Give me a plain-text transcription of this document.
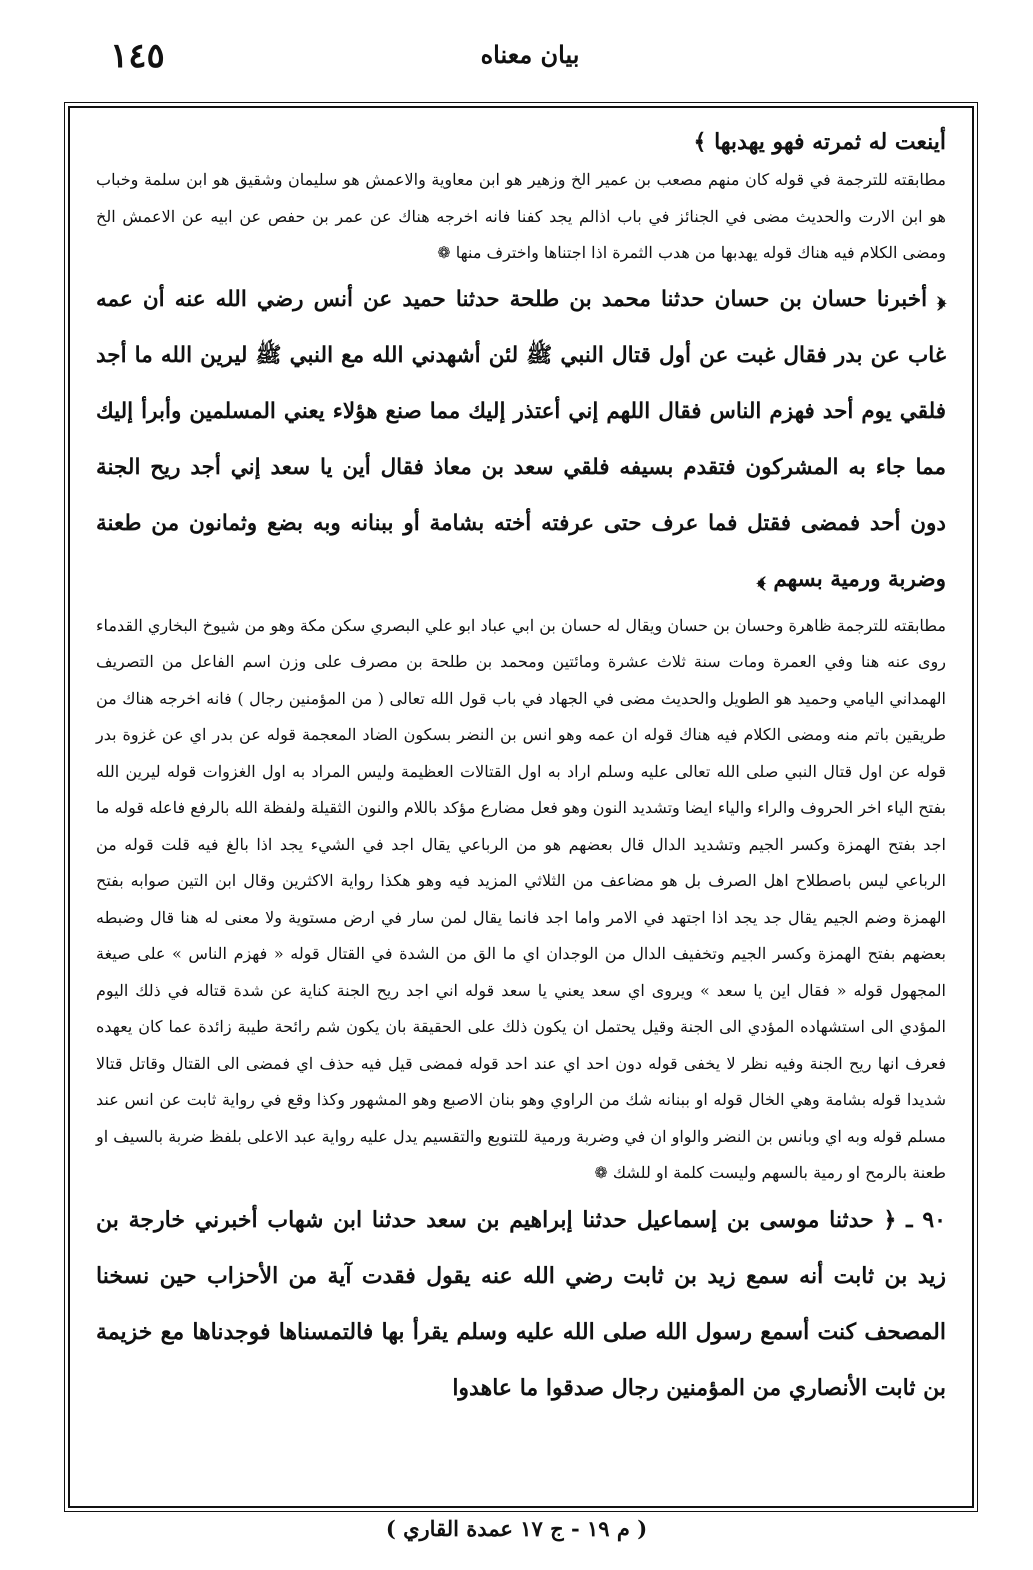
١٤٥	بيان معناه

أينعت له ثمرته فهو يهدبها ﴾

مطابقته للترجمة في قوله كان منهم مصعب بن عمير الخ وزهير هو ابن معاوية والاعمش هو سليمان وشقيق هو ابن سلمة وخباب هو ابن الارت والحديث مضى في الجنائز في باب اذالم يجد كفنا فانه اخرجه هناك عن عمر بن حفص عن ابيه عن الاعمش الخ ومضى الكلام فيه هناك قوله يهدبها من هدب الثمرة اذا اجتناها واخترف منها ❁

﴿ أخبرنا حسان بن حسان حدثنا محمد بن طلحة حدثنا حميد عن أنس رضي الله عنه أن عمه غاب عن بدر فقال غبت عن أول قتال النبي ﷺ لئن أشهدني الله مع النبي ﷺ ليرين الله ما أجد فلقي يوم أحد فهزم الناس فقال اللهم إني أعتذر إليك مما صنع هؤلاء يعني المسلمين وأبرأ إليك مما جاء به المشركون فتقدم بسيفه فلقي سعد بن معاذ فقال أين يا سعد إني أجد ريح الجنة دون أحد فمضى فقتل فما عرف حتى عرفته أخته بشامة أو ببنانه وبه بضع وثمانون من طعنة وضربة ورمية بسهم ﴾

مطابقته للترجمة ظاهرة وحسان بن حسان ويقال له حسان بن ابي عباد ابو علي البصري سكن مكة وهو من شيوخ البخاري القدماء روى عنه هنا وفي العمرة ومات سنة ثلاث عشرة ومائتين ومحمد بن طلحة بن مصرف على وزن اسم الفاعل من التصريف الهمداني اليامي وحميد هو الطويل والحديث مضى في الجهاد في باب قول الله تعالى ( من المؤمنين رجال ) فانه اخرجه هناك من طريقين باتم منه ومضى الكلام فيه هناك قوله ان عمه وهو انس بن النضر بسكون الضاد المعجمة قوله عن بدر اي عن غزوة بدر قوله عن اول قتال النبي صلى الله تعالى عليه وسلم اراد به اول القتالات العظيمة وليس المراد به اول الغزوات قوله ليرين الله بفتح الياء اخر الحروف والراء والياء ايضا وتشديد النون وهو فعل مضارع مؤكد باللام والنون الثقيلة ولفظة الله بالرفع فاعله قوله ما اجد بفتح الهمزة وكسر الجيم وتشديد الدال قال بعضهم هو من الرباعي يقال اجد في الشيء يجد اذا بالغ فيه قلت قوله من الرباعي ليس باصطلاح اهل الصرف بل هو مضاعف من الثلاثي المزيد فيه وهو هكذا رواية الاكثرين وقال ابن التين صوابه بفتح الهمزة وضم الجيم يقال جد يجد اذا اجتهد في الامر واما اجد فانما يقال لمن سار في ارض مستوية ولا معنى له هنا قال وضبطه بعضهم بفتح الهمزة وكسر الجيم وتخفيف الدال من الوجدان اي ما الق من الشدة في القتال قوله « فهزم الناس » على صيغة المجهول قوله « فقال اين يا سعد » ويروى اي سعد يعني يا سعد قوله اني اجد ريح الجنة كناية عن شدة قتاله في ذلك اليوم المؤدي الى استشهاده المؤدي الى الجنة وقيل يحتمل ان يكون ذلك على الحقيقة بان يكون شم رائحة طيبة زائدة عما كان يعهده فعرف انها ريح الجنة وفيه نظر لا يخفى قوله دون احد اي عند احد قوله فمضى قيل فيه حذف اي فمضى الى القتال وقاتل قتالا شديدا قوله بشامة وهي الخال قوله او ببنانه شك من الراوي وهو بنان الاصبع وهو المشهور وكذا وقع في رواية ثابت عن انس عند مسلم قوله وبه اي وبانس بن النضر والواو ان في وضربة ورمية للتنويع والتقسيم يدل عليه رواية عبد الاعلى بلفظ ضربة بالسيف او طعنة بالرمح او رمية بالسهم وليست كلمة او للشك ❁

٩٠ ـ ﴿ حدثنا موسى بن إسماعيل حدثنا إبراهيم بن سعد حدثنا ابن شهاب أخبرني خارجة بن زيد بن ثابت أنه سمع زيد بن ثابت رضي الله عنه يقول فقدت آية من الأحزاب حين نسخنا المصحف كنت أسمع رسول الله صلى الله عليه وسلم يقرأ بها فالتمسناها فوجدناها مع خزيمة بن ثابت الأنصاري من المؤمنين رجال صدقوا ما عاهدوا

( م ١٩ - ج ١٧ عمدة القاري )
